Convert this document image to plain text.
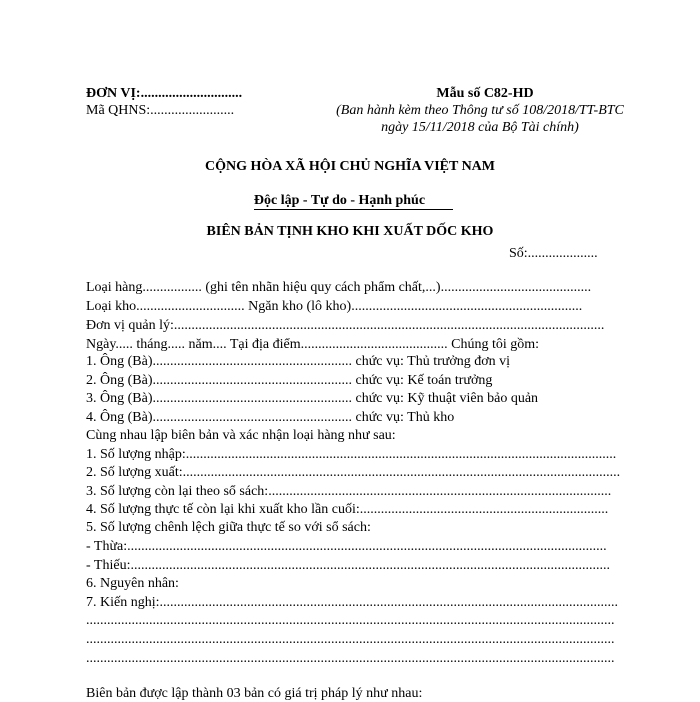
ĐƠN VỊ:.............................
Mã QHNS:........................
Mẫu số C82-HD
(Ban hành kèm theo Thông tư số 108/2018/TT-BTC
ngày 15/11/2018 của Bộ Tài chính)
CỘNG HÒA XÃ HỘI CHỦ NGHĨA VIỆT NAM

Độc lập - Tự do - Hạnh phúc

BIÊN BẢN TỊNH KHO KHI XUẤT DỐC KHO
Số:....................
Loại hàng................. (ghi tên nhãn hiệu quy cách phẩm chất,...)...........................................
Loại kho............................... Ngăn kho (lô kho)..................................................................
Đơn vị quản lý:...........................................................................................................................
Ngày..... tháng..... năm.... Tại địa điểm.......................................... Chúng tôi gồm:
1. Ông (Bà)......................................................... chức vụ: Thủ trưởng đơn vị
2. Ông (Bà)......................................................... chức vụ: Kế toán trưởng
3. Ông (Bà)......................................................... chức vụ: Kỹ thuật viên bảo quản
4. Ông (Bà)......................................................... chức vụ: Thủ kho
Cùng nhau lập biên bản và xác nhận loại hàng như sau:
1. Số lượng nhập:...........................................................................................................................
2. Số lượng xuất:.............................................................................................................................
3. Số lượng còn lại theo sổ sách:..................................................................................................
4. Số lượng thực tế còn lại khi xuất kho lần cuối:.......................................................................
5. Số lượng chênh lệch giữa thực tế so với sổ sách:
- Thừa:.........................................................................................................................................
- Thiếu:.........................................................................................................................................
6. Nguyên nhân:
7. Kiến nghị:...................................................................................................................................
.......................................................................................................................................................
.......................................................................................................................................................
.......................................................................................................................................................
Biên bản được lập thành 03 bản có giá trị pháp lý như nhau:
